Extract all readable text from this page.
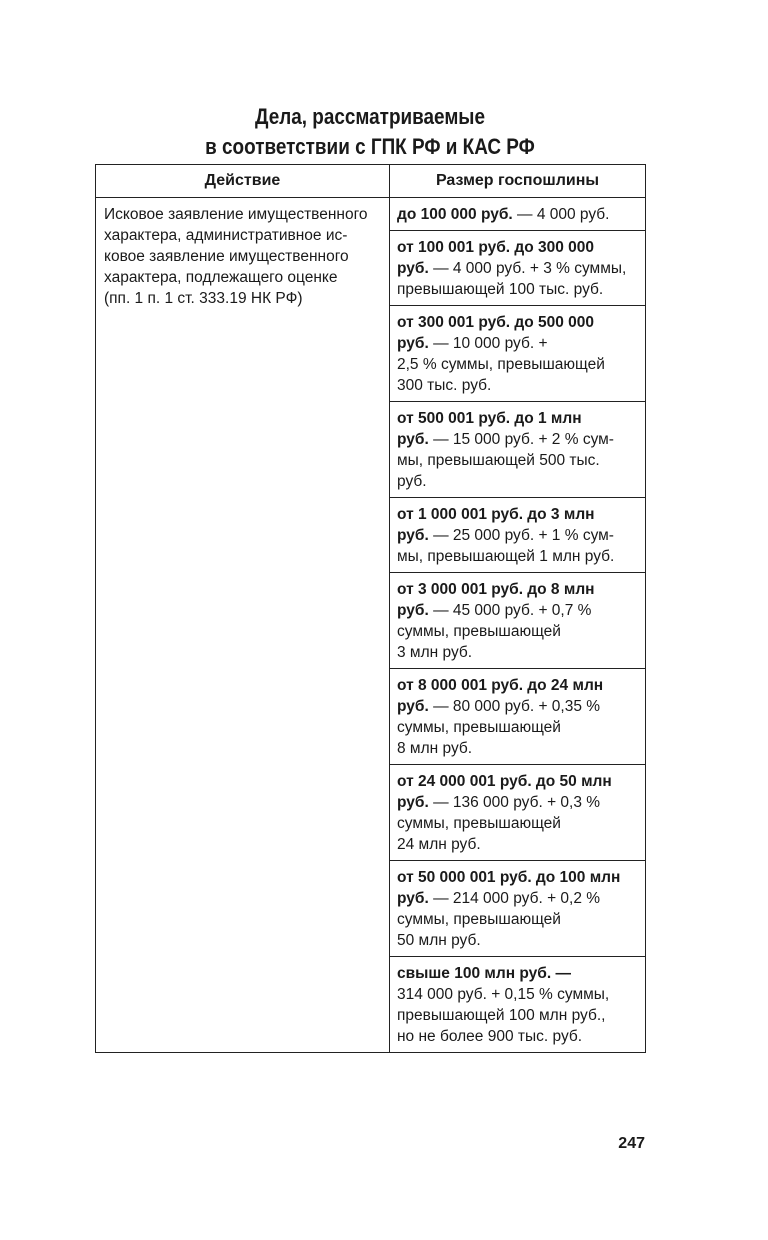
Дела, рассматриваемые
в соответствии с ГПК РФ и КАС РФ
Действие	Размер госпошлины

Исковое заявление имущественного
характера, административное ис-
ковое заявление имущественного
характера, подлежащего оценке
(пп. 1 п. 1 ст. 333.19 НК РФ)	до 100 000 руб. — 4 000 руб.

	от 100 001 руб. до 300 000
руб. — 4 000 руб. + 3 % суммы,
превышающей 100 тыс. руб.

	от 300 001 руб. до 500 000
руб. — 10 000 руб. +
2,5 % суммы, превышающей
300 тыс. руб.

	от 500 001 руб. до 1 млн
руб. — 15 000 руб. + 2 % сум-
мы, превышающей 500 тыс.
руб.

	от 1 000 001 руб. до 3 млн
руб. — 25 000 руб. + 1 % сум-
мы, превышающей 1 млн руб.

	от 3 000 001 руб. до 8 млн
руб. — 45 000 руб. + 0,7 %
суммы, превышающей
3 млн руб.

	от 8 000 001 руб. до 24 млн
руб. — 80 000 руб. + 0,35 %
суммы, превышающей
8 млн руб.

	от 24 000 001 руб. до 50 млн
руб. — 136 000 руб. + 0,3 %
суммы, превышающей
24 млн руб.

	от 50 000 001 руб. до 100 млн
руб. — 214 000 руб. + 0,2 %
суммы, превышающей
50 млн руб.

	свыше 100 млн руб. —
314 000 руб. + 0,15 % суммы,
превышающей 100 млн руб.,
но не более 900 тыс. руб.
247
